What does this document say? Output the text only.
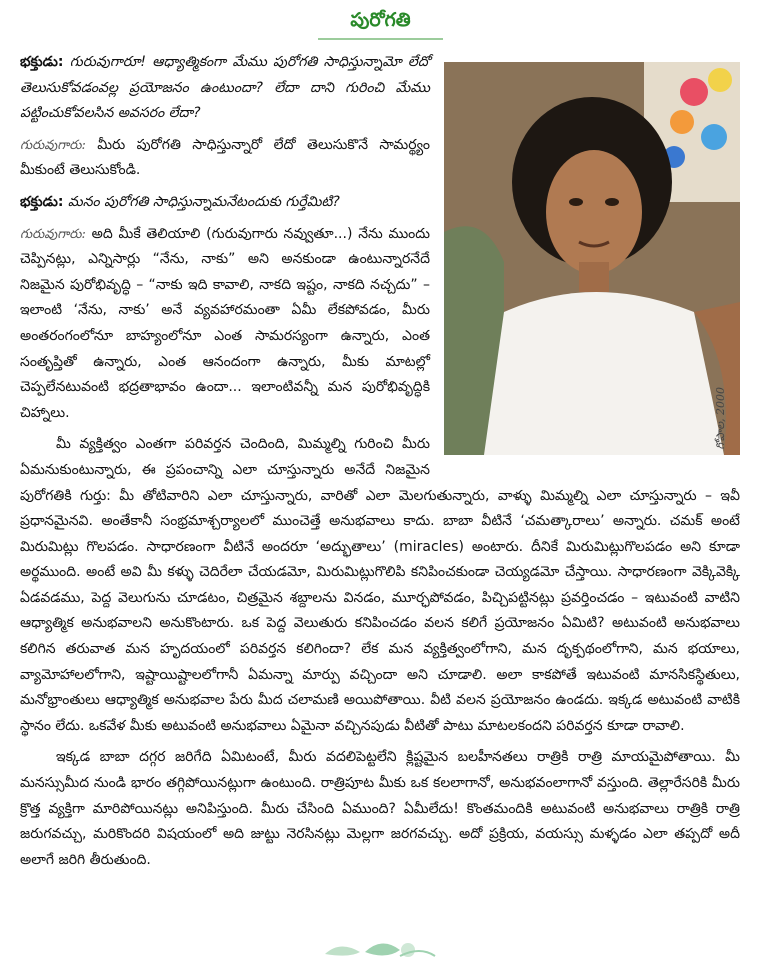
పురోగతి
గోపాల, 2000

భక్తుడు: గురువుగారూ! ఆధ్యాత్మికంగా మేము పురోగతి సాధిస్తున్నామో లేదో తెలుసుకోవడంవల్ల ప్రయోజనం ఉంటుందా? లేదా దాని గురించి మేము పట్టించుకోవలసిన అవసరం లేదా?

గురువుగారు: మీరు పురోగతి సాధిస్తున్నారో లేదో తెలుసుకొనే సామర్థ్యం మీకుంటే తెలుసుకోండి.

భక్తుడు: మనం పురోగతి సాధిస్తున్నామనేటందుకు గుర్తేమిటి?

గురువుగారు: అది మీకే తెలియాలి (గురువుగారు నవ్వుతూ...) నేను ముందు చెప్పినట్లు, ఎన్నిసార్లు “నేను, నాకు” అని అనకుండా ఉంటున్నారనేదే నిజమైన పురోభివృద్ధి – “నాకు ఇది కావాలి, నాకది ఇష్టం, నాకది నచ్చదు” – ఇలాంటి ‘నేను, నాకు’ అనే వ్యవహారమంతా ఏమీ లేకపోవడం, మీరు అంతరంగంలోనూ బాహ్యంలోనూ ఎంత సామరస్యంగా ఉన్నారు, ఎంత సంతృప్తితో ఉన్నారు, ఎంత ఆనందంగా ఉన్నారు, మీకు మాటల్లో చెప్పలేనటువంటి భద్రతాభావం ఉందా... ఇలాంటివన్నీ మన పురోభివృద్ధికి చిహ్నాలు.

మీ వ్యక్తిత్వం ఎంతగా పరివర్తన చెందింది, మిమ్మల్ని గురించి మీరు ఏమనుకుంటున్నారు, ఈ ప్రపంచాన్ని ఎలా చూస్తున్నారు అనేదే నిజమైన పురోగతికి గుర్తు: మీ తోటివారిని ఎలా చూస్తున్నారు, వారితో ఎలా మెలగుతున్నారు, వాళ్ళు మిమ్మల్ని ఎలా చూస్తున్నారు – ఇవీ ప్రధానమైనవి. అంతేకానీ సంభ్రమాశ్చర్యాలలో ముంచెత్తే అనుభవాలు కాదు. బాబా వీటినే ‘చమత్కారాలు’ అన్నారు. చమక్ అంటే మిరుమిట్లు గొలపడం. సాధారణంగా వీటినే అందరూ ‘అద్భుతాలు’ (miracles) అంటారు. దీనికే మిరుమిట్లుగొలపడం అని కూడా అర్థముంది. అంటే అవి మీ కళ్ళు చెదిరేలా చేయడమో, మిరుమిట్లుగొలిపి కనిపించకుండా చెయ్యడమో చేస్తాయి. సాధారణంగా వెక్కివెక్కి ఏడవడము, పెద్ద వెలుగును చూడటం, చిత్రమైన శబ్దాలను వినడం, మూర్ఛపోవడం, పిచ్చిపట్టినట్లు ప్రవర్తించడం – ఇటువంటి వాటిని ఆధ్యాత్మిక అనుభవాలని అనుకొంటారు. ఒక పెద్ద వెలుతురు కనిపించడం వలన కలిగే ప్రయోజనం ఏమిటి? అటువంటి అనుభవాలు కలిగిన తరువాత మన హృదయంలో పరివర్తన కలిగిందా? లేక మన వ్యక్తిత్వంలోగాని, మన దృక్పథంలోగాని, మన భయాలు, వ్యామోహాలలోగాని, ఇష్టాయిష్టాలలోగానీ ఏమన్నా మార్పు వచ్చిందా అని చూడాలి. అలా కాకపోతే ఇటువంటి మానసికస్థితులు, మనోభ్రాంతులు ఆధ్యాత్మిక అనుభవాల పేరు మీద చలామణి అయిపోతాయి. వీటి వలన ప్రయోజనం ఉండదు. ఇక్కడ అటువంటి వాటికి స్థానం లేదు. ఒకవేళ మీకు అటువంటి అనుభవాలు ఏమైనా వచ్చినపుడు వీటితో పాటు మాటలకందని పరివర్తన కూడా రావాలి.

ఇక్కడ బాబా దగ్గర జరిగేది ఏమిటంటే, మీరు వదలిపెట్టలేని క్లిష్టమైన బలహీనతలు రాత్రికి రాత్రి మాయమైపోతాయి. మీ మనస్సుమీద నుండి భారం తగ్గిపోయినట్లుగా ఉంటుంది. రాత్రిపూట మీకు ఒక కలలాగానో, అనుభవంలాగానో వస్తుంది. తెల్లారేసరికి మీరు క్రొత్త వ్యక్తిగా మారిపోయినట్లు అనిపిస్తుంది. మీరు చేసింది ఏముంది? ఏమీలేదు! కొంతమందికి అటువంటి అనుభవాలు రాత్రికి రాత్రి జరుగవచ్చు, మరికొందరి విషయంలో అది జుట్టు నెరసినట్లు మెల్లగా జరగవచ్చు. అదో ప్రక్రియ, వయస్సు మళ్ళడం ఎలా తప్పదో అదీ అలాగే జరిగి తీరుతుంది.
